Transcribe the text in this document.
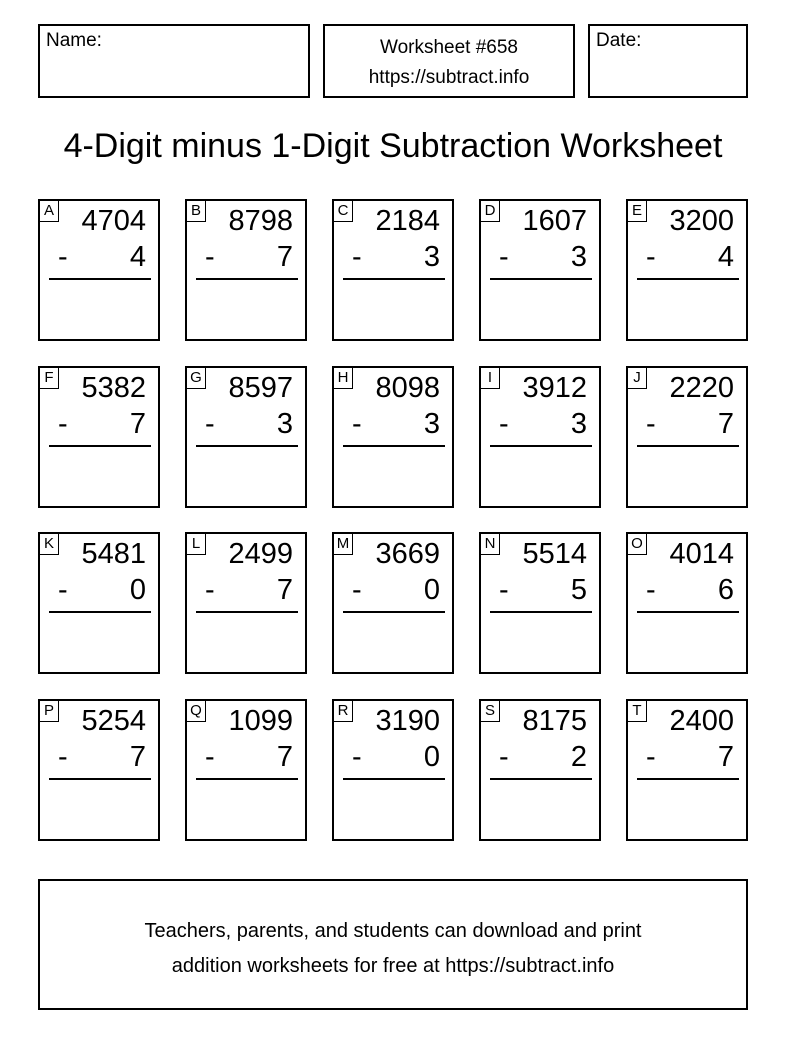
Name:	Worksheet #658
https://subtract.info
Date:
4-Digit minus 1-Digit Subtraction Worksheet
A 4704
- 4
B 8798
- 7
C 2184
- 3
D 1607
- 3
E 3200
- 4
F 5382
- 7
G 8597
- 3
H 8098
- 3
I 3912
- 3
J 2220
- 7
K 5481
- 0
L 2499
- 7
M 3669
- 0
N 5514
- 5
O 4014
- 6
P 5254
- 7
Q 1099
- 7
R 3190
- 0
S 8175
- 2
T 2400
- 7
Teachers, parents, and students can download and print
addition worksheets for free at https://subtract.info
